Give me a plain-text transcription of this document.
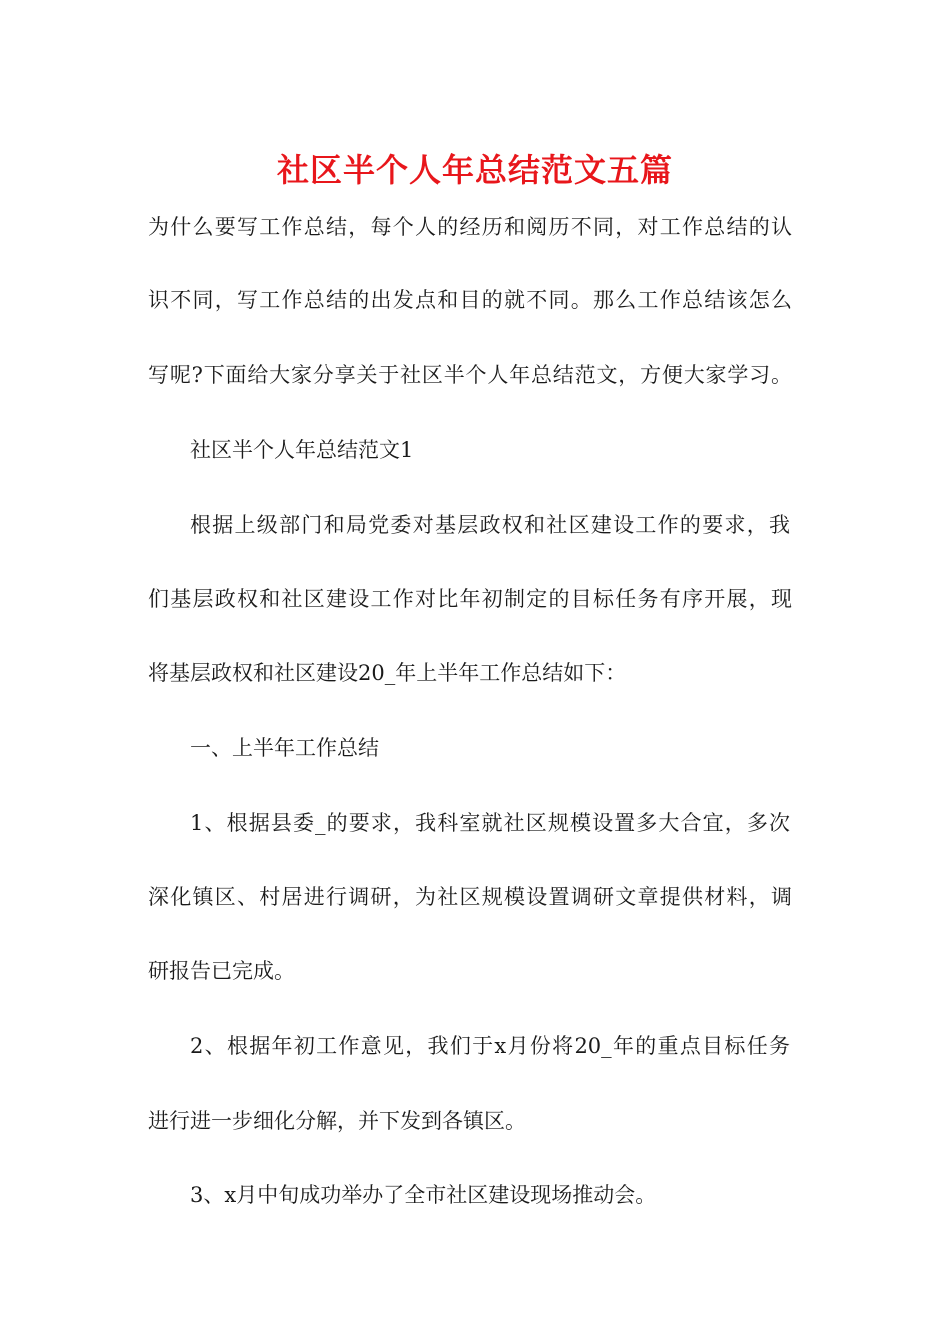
社区半个人年总结范文五篇

为什么要写工作总结，每个人的经历和阅历不同，对工作总结的认

识不同，写工作总结的出发点和目的就不同。那么工作总结该怎么

写呢?下面给大家分享关于社区半个人年总结范文，方便大家学习。

社区半个人年总结范文1

根据上级部门和局党委对基层政权和社区建设工作的要求，我

们基层政权和社区建设工作对比年初制定的目标任务有序开展，现

将基层政权和社区建设20_年上半年工作总结如下：

一、上半年工作总结

1、根据县委_的要求，我科室就社区规模设置多大合宜，多次

深化镇区、村居进行调研，为社区规模设置调研文章提供材料，调

研报告已完成。

2、根据年初工作意见，我们于x月份将20_年的重点目标任务

进行进一步细化分解，并下发到各镇区。

3、x月中旬成功举办了全市社区建设现场推动会。
